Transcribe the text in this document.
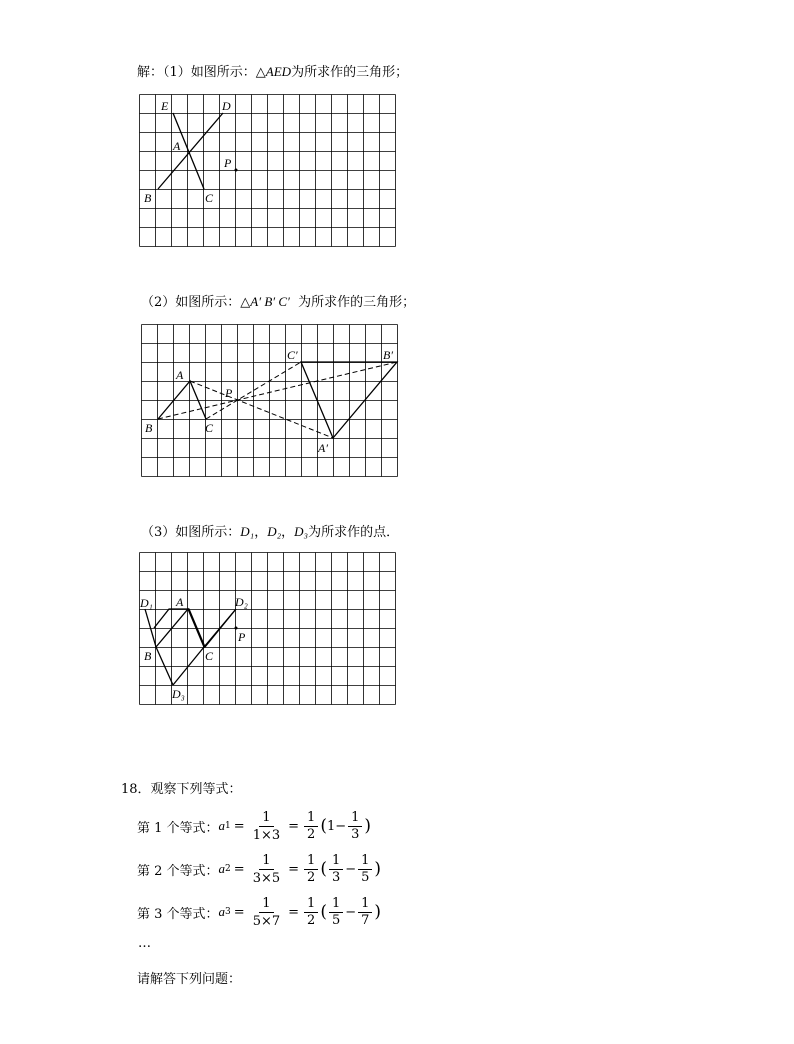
解：（1）如图所示：△AED为所求作的三角形；
E	D
A
P
B	C
（2）如图所示：△A′ B′ C′ 为所求作的三角形；
A
P
B	C
C′	B′
A′
（3）如图所示：D₁，D₂，D₃为所求作的点．
D₁ A	D₂
P
B	C
D₃
18．观察下列等式：
第 1 个等式： a $1 = \frac{1}{1\times 3} = \frac{1}{2}$ ( $1 - \frac{1}{3}$ )
第 2 个等式： a $2 = \frac{1}{3\times 5} = \frac{1}{2}$ ( $\frac{1}{3} - \frac{1}{5}$ )
第 3 个等式： a $3 = \frac{1}{5\times 7} = \frac{1}{2}$ ( $\frac{1}{5} - \frac{1}{7}$ )
…
请解答下列问题：
